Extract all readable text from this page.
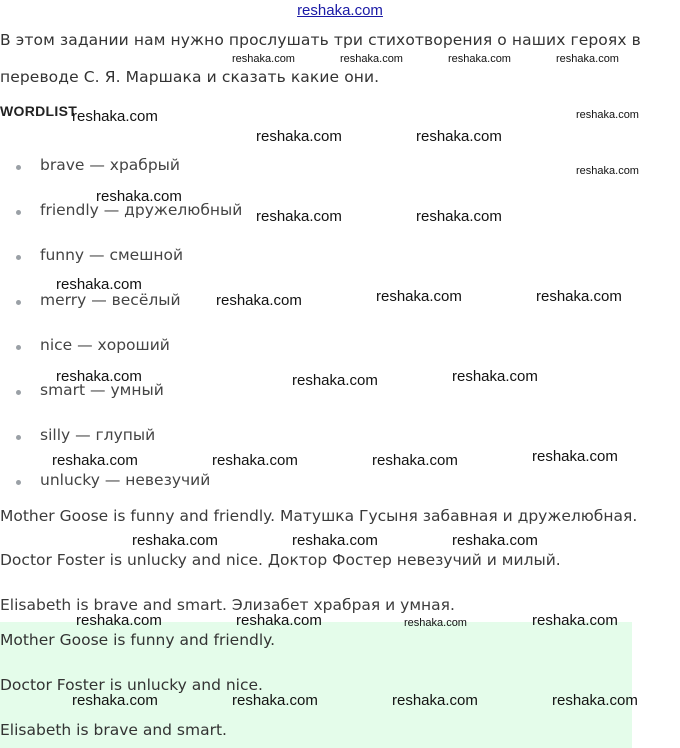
reshaka.com
В этом задании нам нужно прослушать три стихотворения о наших героях в
переводе С. Я. Маршака и сказать какие они.
WORDLIST
brave — храбрый
friendly — дружелюбный
funny — смешной
merry — весёлый
nice — хороший
smart — умный
silly — глупый
unlucky — невезучий
Mother Goose is funny and friendly. Матушка Гусыня забавная и дружелюбная.
Doctor Foster is unlucky and nice. Доктор Фостер невезучий и милый.
Elisabeth is brave and smart. Элизабет храбрая и умная.
Mother Goose is funny and friendly.
Doctor Foster is unlucky and nice.
Elisabeth is brave and smart.
reshaka.com	reshaka.com	reshaka.com	reshaka.com
reshaka.com	reshaka.com
reshaka.com	reshaka.com
reshaka.com
reshaka.com
reshaka.com	reshaka.com
reshaka.com
reshaka.com	reshaka.com	reshaka.com
reshaka.com	reshaka.com	reshaka.com
reshaka.com	reshaka.com	reshaka.com	reshaka.com
reshaka.com	reshaka.com	reshaka.com
reshaka.com	reshaka.com	reshaka.com	reshaka.com
reshaka.com	reshaka.com	reshaka.com	reshaka.com
